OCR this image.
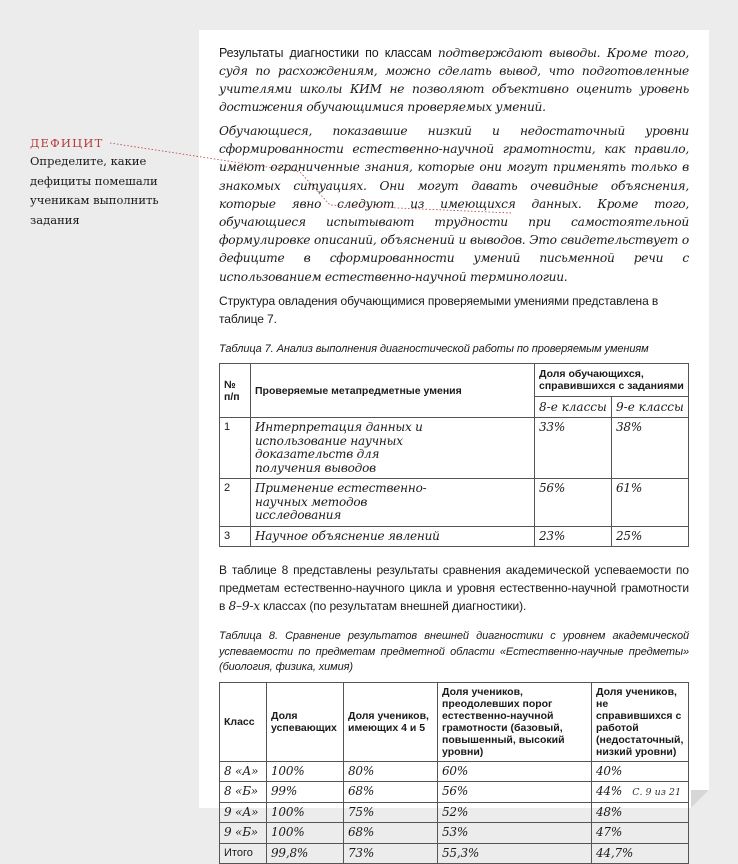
ДЕФИЦИТ
Определите, какие дефициты помешали ученикам выполнить задания

Результаты диагностики по классам подтверждают выводы. Кроме того, судя по расхождениям, можно сделать вывод, что подготовленные учителями школы КИМ не позволяют объективно оценить уровень достижения обучающимися проверяемых умений.

Обучающиеся, показавшие низкий и недостаточный уровни сформированности естественно-научной грамотности, как правило, имеют ограниченные знания, которые они могут применять только в знакомых ситуациях. Они могут давать очевидные объяснения, которые явно следуют из имеющихся данных. Кроме того, обучающиеся испытывают трудности при самостоятельной формулировке описаний, объяснений и выводов. Это свидетельствует о дефиците в сформированности умений письменной речи с использованием естественно-научной терминологии.

Структура овладения обучающимися проверяемыми умениями представлена в таблице 7.

Таблица 7. Анализ выполнения диагностической работы по проверяемым умениям

№ п/п	Проверяемые метапредметные умения	Доля обучающихся, справившихся с заданиями	
		8-е классы	9-е классы
1	Интерпретация данных и использование научных доказательств для получения выводов	33%	38%
2	Применение естественно-научных методов исследования	56%	61%
3	Научное объяснение явлений	23%	25%

В таблице 8 представлены результаты сравнения академической успеваемости по предметам естественно-научного цикла и уровня естественно-научной грамотности в 8–9-х классах (по результатам внешней диагностики).

Таблица 8. Сравнение результатов внешней диагностики с уровнем академической успеваемости по предметам предметной области «Естественно-научные предметы» (биология, физика, химия)

Класс	Доля успевающих	Доля учеников, имеющих 4 и 5	Доля учеников, преодолевших порог естественно-научной грамотности (базовый, повышенный, высокий уровни)	Доля учеников, не справившихся с работой (недостаточный, низкий уровни)
8 «А»	100%	80%	60%	40%
8 «Б»	99%	68%	56%	44%
9 «А»	100%	75%	52%	48%
9 «Б»	100%	68%	53%	47%
Итого	99,8%	73%	55,3%	44,7%
С. 9 из 21
